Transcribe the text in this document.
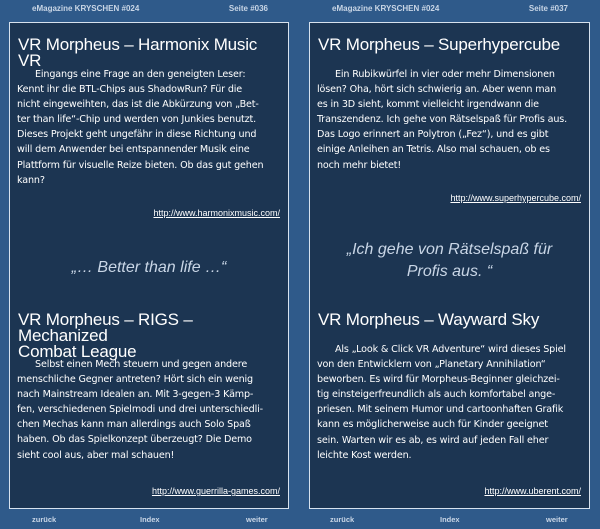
eMagazine KRYSCHEN #024	Seite #036
VR Morpheus – Harmonix Music VR
Eingangs eine Frage an den geneigten Leser:
Kennt ihr die BTL-Chips aus ShadowRun? Für die
nicht eingeweihten, das ist die Abkürzung von „Bet-
ter than life“-Chip und werden von Junkies benutzt.
Dieses Projekt geht ungefähr in diese Richtung und
will dem Anwender bei entspannender Musik eine
Plattform für visuelle Reize bieten. Ob das gut gehen
kann?
http://www.harmonixmusic.com/
„… Better than life …“
VR Morpheus – RIGS – Mechanized
Combat League
Selbst einen Mech steuern und gegen andere
menschliche Gegner antreten? Hört sich ein wenig
nach Mainstream Idealen an. Mit 3-gegen-3 Kämp-
fen, verschiedenen Spielmodi und drei unterschiedli-
chen Mechas kann man allerdings auch Solo Spaß
haben. Ob das Spielkonzept überzeugt? Die Demo
sieht cool aus, aber mal schauen!
http://www.guerrilla-games.com/
zurück	Index	weiter
eMagazine KRYSCHEN #024	Seite #037
VR Morpheus – Superhypercube
Ein Rubikwürfel in vier oder mehr Dimensionen
lösen? Oha, hört sich schwierig an. Aber wenn man
es in 3D sieht, kommt vielleicht irgendwann die
Transzendenz. Ich gehe von Rätselspaß für Profis aus.
Das Logo erinnert an Polytron („Fez“), und es gibt
einige Anleihen an Tetris. Also mal schauen, ob es
noch mehr bietet!
http://www.superhypercube.com/
„Ich gehe von Rätselspaß für
Profis aus. “
VR Morpheus – Wayward Sky
Als „Look & Click VR Adventure“ wird dieses Spiel
von den Entwicklern von „Planetary Annihilation“
beworben. Es wird für Morpheus-Beginner gleichzei-
tig einsteigerfreundlich als auch komfortabel ange-
priesen. Mit seinem Humor und cartoonhaften Grafik
kann es möglicherweise auch für Kinder geeignet
sein. Warten wir es ab, es wird auf jeden Fall eher
leichte Kost werden.
http://www.uberent.com/
zurück	Index	weiter
